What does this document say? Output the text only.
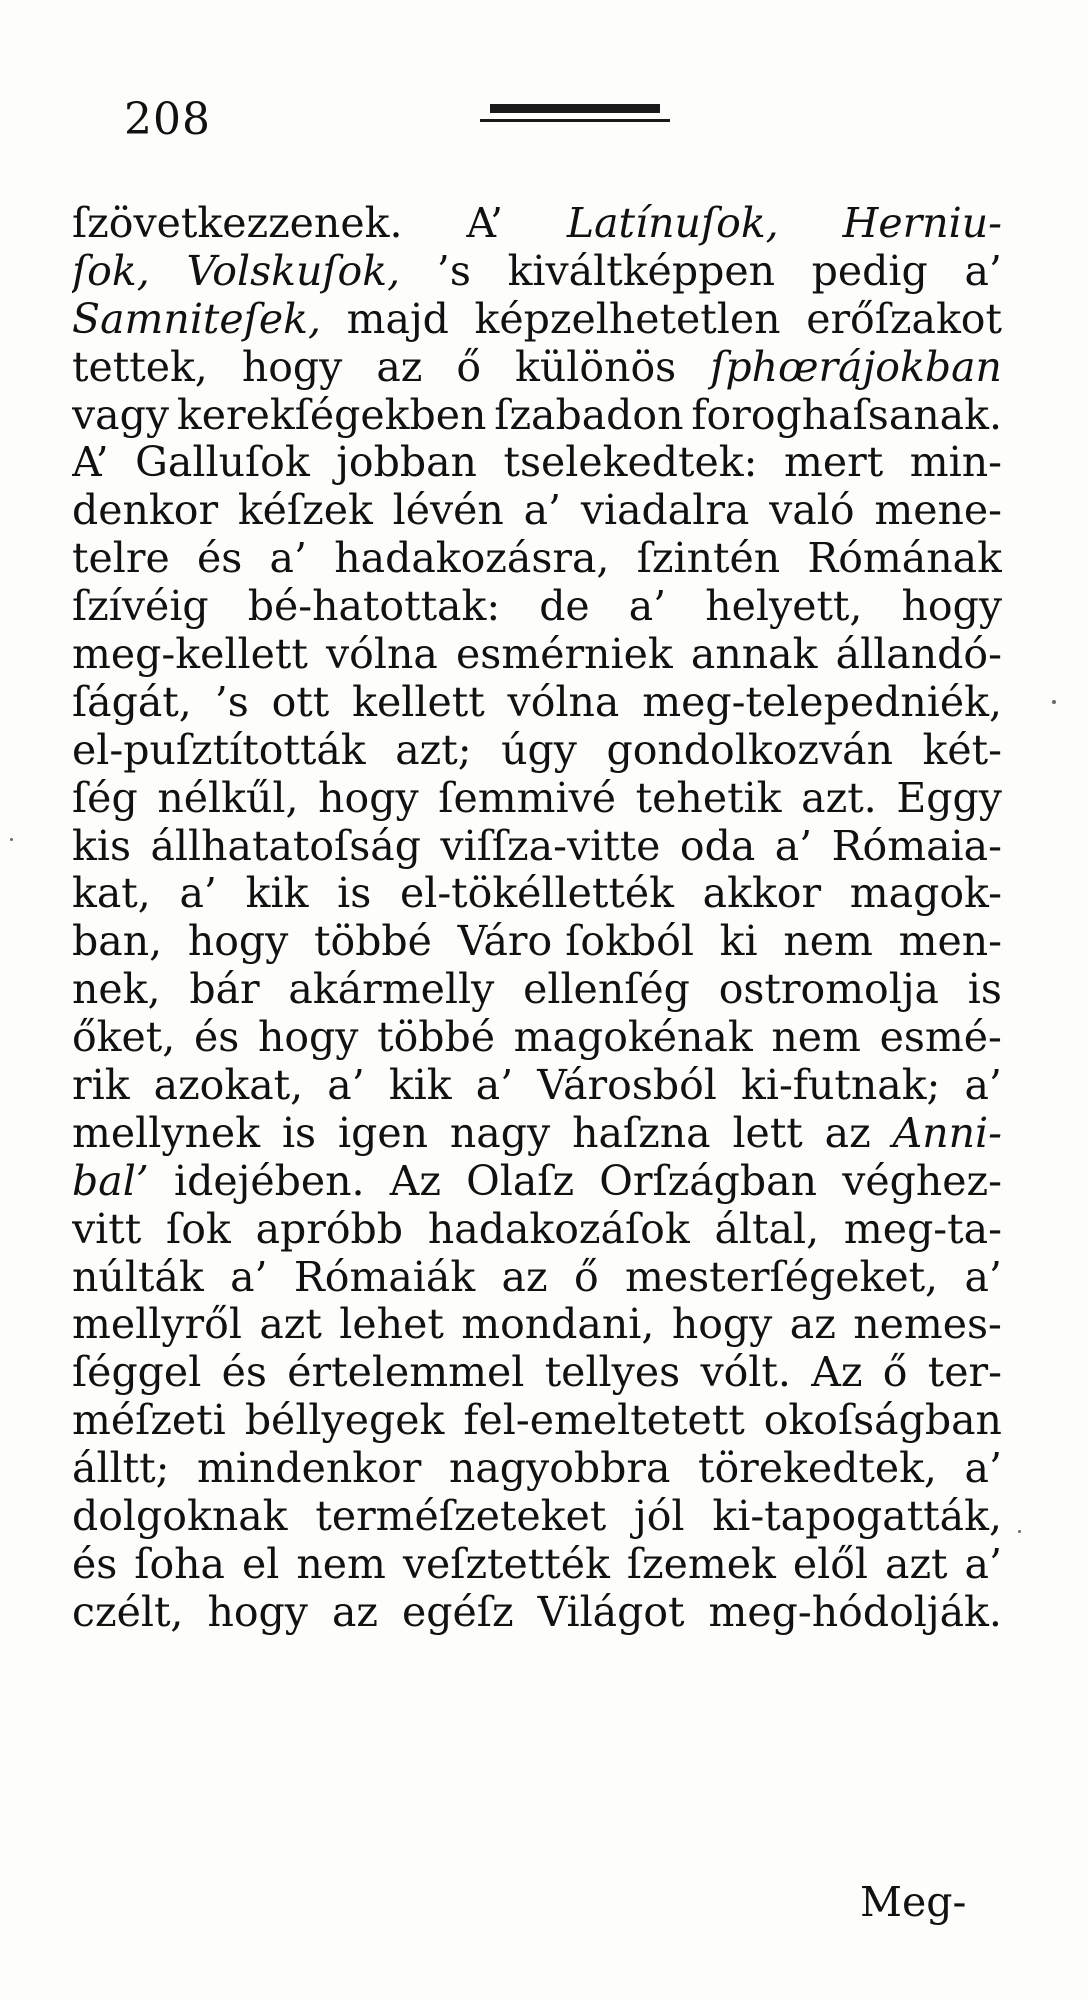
208
ſzövetkezzenek. A’ Latínuſok, Herniu-
ſok, Volskuſok, ’s kiváltképpen pedig a’
Samniteſek, majd képzelhetetlen erőſzakot
tettek, hogy az ő különös ſphœrájokban
vagy kerekſégekben ſzabadon foroghaſsanak.
A’ Galluſok jobban tselekedtek: mert min-
denkor kéſzek lévén a’ viadalra való mene-
telre és a’ hadakozásra, ſzintén Rómának
ſzívéig bé-hatottak: de a’ helyett, hogy
meg-kellett vólna esmérniek annak állandó-
ſágát, ’s ott kellett vólna meg-telepedniék,
el-puſztították azt; úgy gondolkozván két-
ſég nélkűl, hogy ſemmivé tehetik azt. Eggy
kis állhatatoſság viſſza-vitte oda a’ Rómaia-
kat, a’ kik is el-tökéllették akkor magok-
ban, hogy többé Váro ſokból ki nem men-
nek, bár akármelly ellenſég ostromolja is
őket, és hogy többé magokénak nem esmé-
rik azokat, a’ kik a’ Városból ki-futnak; a’
mellynek is igen nagy haſzna lett az Anni-
bal’ idejében. Az Olaſz Orſzágban véghez-
vitt ſok aprόbb hadakozáſok által, meg-ta-
núlták a’ Rómaiák az ő mesterſégeket, a’
mellyről azt lehet mondani, hogy az nemes-
ſéggel és értelemmel tellyes vólt. Az ő ter-
méſzeti béllyegek fel-emeltetett okoſságban
álltt; mindenkor nagyobbra törekedtek, a’
dolgoknak terméſzeteket jól ki-tapogatták,
és ſoha el nem veſztették ſzemek elől azt a’
czélt, hogy az egéſz Világot meg-hódolják.
Meg-
